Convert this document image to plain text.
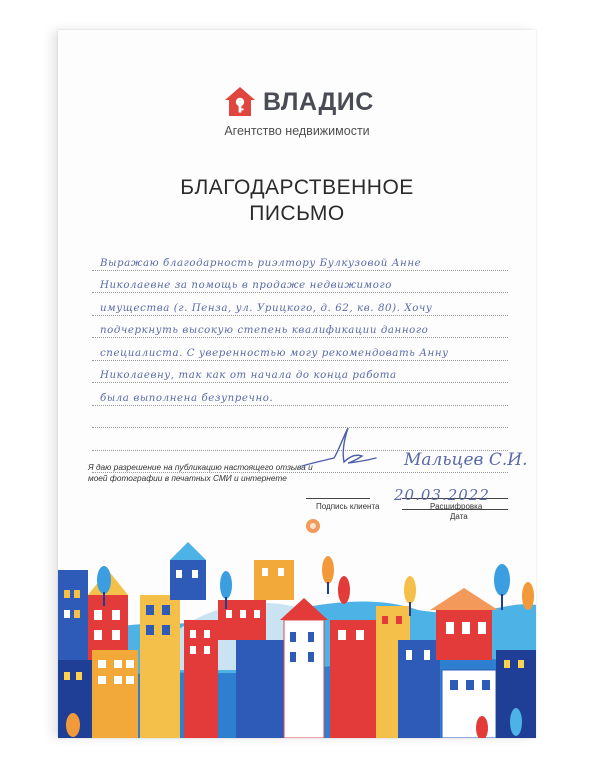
ВЛАДИС
Агентство недвижимости
БЛАГОДАРСТВЕННОЕ
ПИСЬМО
Выражаю благодарность риэлтору Булкузовой Анне
Николаевне за помощь в продаже недвижимого
имущества (г. Пенза, ул. Урицкого, д. 62, кв. 80). Хочу
подчеркнуть высокую степень квалификации данного
специалиста. С уверенностью могу рекомендовать Анну
Николаевну, так как от начала до конца работа
была выполнена безупречно.
Я даю разрешение на публикацию настоящего отзыва и моей фотографии в печатных СМИ и интернете
Подпись клиента
Мальцев С.И.
Расшифровка
20.03.2022
Дата
